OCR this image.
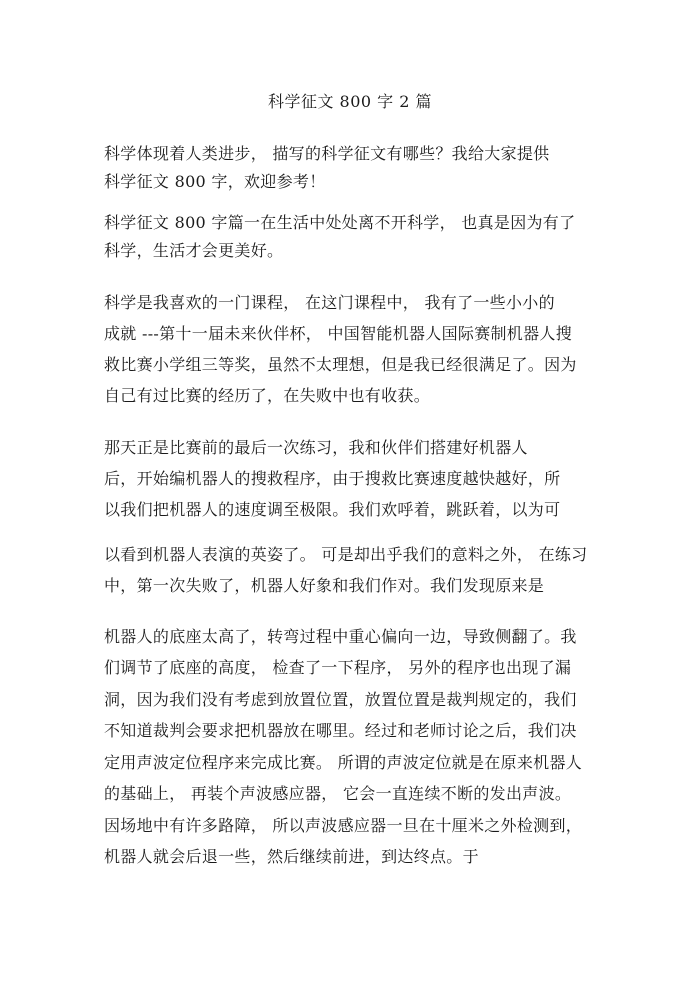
科学征文 800 字 2 篇
科学体现着人类进步， 描写的科学征文有哪些？我给大家提供
科学征文 800 字，欢迎参考！
科学征文 800 字篇一在生活中处处离不开科学， 也真是因为有了
科学，生活才会更美好。
科学是我喜欢的一门课程， 在这门课程中， 我有了一些小小的
成就 ---第十一届未来伙伴杯， 中国智能机器人国际赛制机器人搜
救比赛小学组三等奖，虽然不太理想，但是我已经很满足了。因为
自己有过比赛的经历了，在失败中也有收获。
那天正是比赛前的最后一次练习，我和伙伴们搭建好机器人
后，开始编机器人的搜救程序，由于搜救比赛速度越快越好，所
以我们把机器人的速度调至极限。我们欢呼着，跳跃着，以为可
以看到机器人表演的英姿了。 可是却出乎我们的意料之外， 在练习
中，第一次失败了，机器人好象和我们作对。我们发现原来是
机器人的底座太高了，转弯过程中重心偏向一边，导致侧翻了。我
们调节了底座的高度， 检查了一下程序， 另外的程序也出现了漏
洞，因为我们没有考虑到放置位置，放置位置是裁判规定的，我们
不知道裁判会要求把机器放在哪里。经过和老师讨论之后，我们决
定用声波定位程序来完成比赛。 所谓的声波定位就是在原来机器人
的基础上， 再装个声波感应器， 它会一直连续不断的发出声波。
因场地中有许多路障， 所以声波感应器一旦在十厘米之外检测到，
机器人就会后退一些，然后继续前进，到达终点。于
